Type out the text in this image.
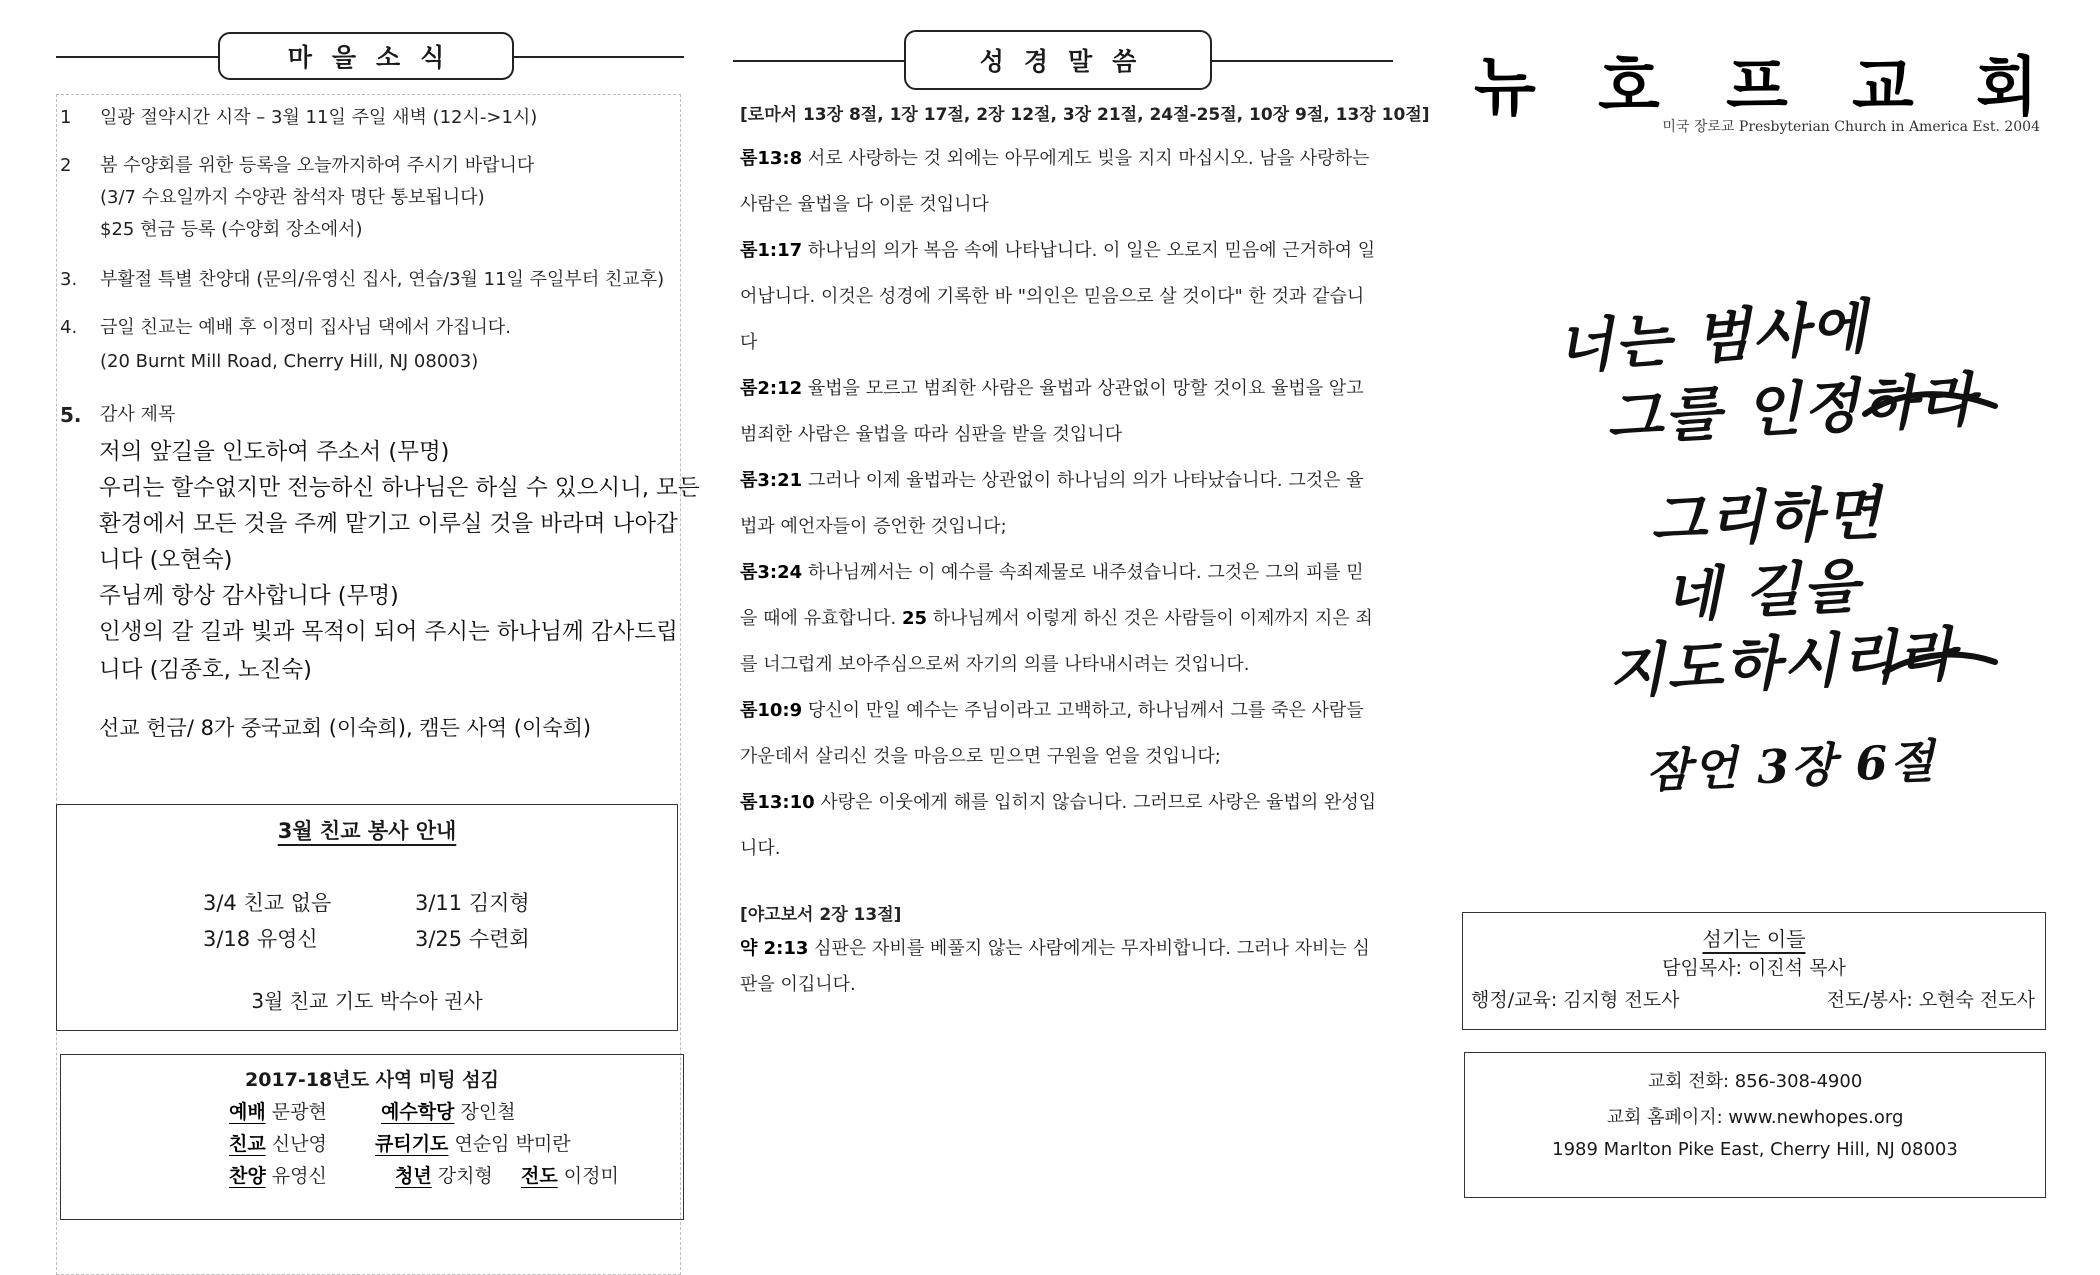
마을소식
1 일광 절약시간 시작 – 3월 11일 주일 새벽 (12시->1시)
2 봄 수양회를 위한 등록을 오늘까지하여 주시기 바랍니다
(3/7 수요일까지 수양관 참석자 명단 통보됩니다)
$25 현금 등록 (수양회 장소에서)
3. 부활절 특별 찬양대 (문의/유영신 집사, 연습/3월 11일 주일부터 친교후)
4. 금일 친교는 예배 후 이정미 집사님 댁에서 가집니다.
(20 Burnt Mill Road, Cherry Hill, NJ 08003)
5. 감사 제목
저의 앞길을 인도하여 주소서 (무명)
우리는 할수없지만 전능하신 하나님은 하실 수 있으시니, 모든
환경에서 모든 것을 주께 맡기고 이루실 것을 바라며 나아갑
니다 (오현숙)
주님께 항상 감사합니다 (무명)
인생의 갈 길과 빛과 목적이 되어 주시는 하나님께 감사드립
니다 (김종호, 노진숙)
선교 헌금/ 8가 중국교회 (이숙희), 캠든 사역 (이숙희)
3월 친교 봉사 안내
3/4 친교 없음	3/11 김지형
3/18 유영신	3/25 수련회
3월 친교 기도 박수아 권사
2017-18년도 사역 미팅 섬김
예배 문광현	예수학당 장인철
친교 신난영	큐티기도 연순임 박미란
찬양 유영신	청년 강치형 전도 이정미
성경말씀
[로마서 13장 8절, 1장 17절, 2장 12절, 3장 21절, 24절-25절, 10장 9절, 13장 10절]
롬13:8 서로 사랑하는 것 외에는 아무에게도 빚을 지지 마십시오. 남을 사랑하는
사람은 율법을 다 이룬 것입니다
롬1:17 하나님의 의가 복음 속에 나타납니다. 이 일은 오로지 믿음에 근거하여 일
어납니다. 이것은 성경에 기록한 바 "의인은 믿음으로 살 것이다" 한 것과 같습니
다
롬2:12 율법을 모르고 범죄한 사람은 율법과 상관없이 망할 것이요 율법을 알고
범죄한 사람은 율법을 따라 심판을 받을 것입니다
롬3:21 그러나 이제 율법과는 상관없이 하나님의 의가 나타났습니다. 그것은 율
법과 예언자들이 증언한 것입니다;
롬3:24 하나님께서는 이 예수를 속죄제물로 내주셨습니다. 그것은 그의 피를 믿
을 때에 유효합니다. 25 하나님께서 이렇게 하신 것은 사람들이 이제까지 지은 죄
를 너그럽게 보아주심으로써 자기의 의를 나타내시려는 것입니다.
롬10:9 당신이 만일 예수는 주님이라고 고백하고, 하나님께서 그를 죽은 사람들
가운데서 살리신 것을 마음으로 믿으면 구원을 얻을 것입니다;
롬13:10 사랑은 이웃에게 해를 입히지 않습니다. 그러므로 사랑은 율법의 완성입
니다.
[야고보서 2장 13절]
약 2:13 심판은 자비를 베풀지 않는 사람에게는 무자비합니다. 그러나 자비는 심
판을 이깁니다.
뉴 호 프 교 회
미국 장로교 Presbyterian Church in America Est. 2004
너는 범사에
그를 인정하라
그리하면
네 길을
지도하시리라
잠언 3장 6절
섬기는 이들
담임목사: 이진석 목사
행정/교육: 김지형 전도사	전도/봉사: 오현숙 전도사
교회 전화: 856-308-4900
교회 홈페이지: www.newhopes.org
1989 Marlton Pike East, Cherry Hill, NJ 08003
